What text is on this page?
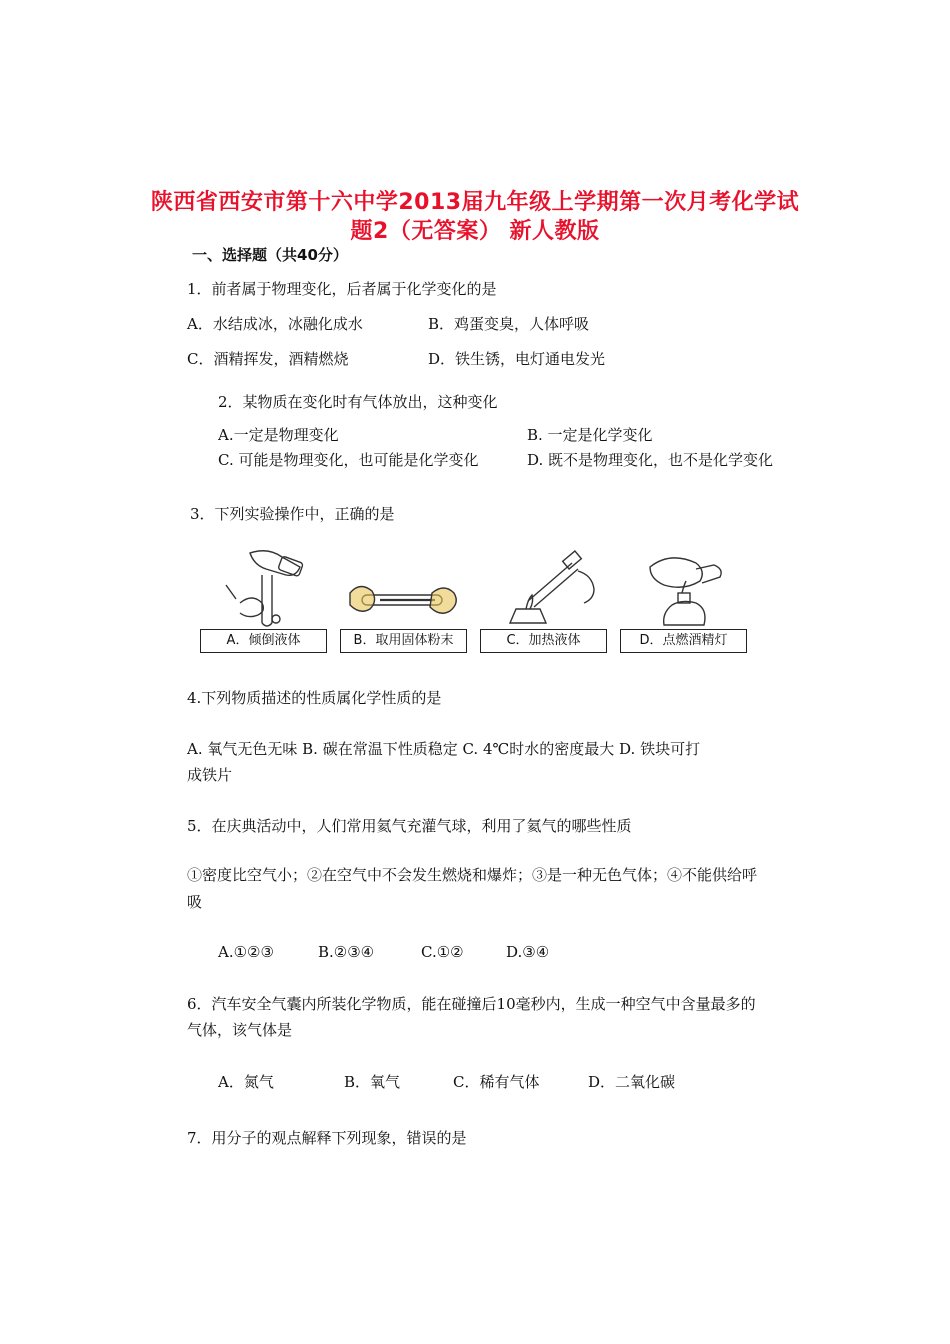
陕西省西安市第十六中学2013届九年级上学期第一次月考化学试
题2（无答案） 新人教版
一、选择题（共40分）
1．前者属于物理变化，后者属于化学变化的是
A．水结成冰，冰融化成水	B．鸡蛋变臭，人体呼吸
C．酒精挥发，酒精燃烧	D．铁生锈，电灯通电发光
2．某物质在变化时有气体放出，这种变化
A.一定是物理变化	B. 一定是化学变化
C. 可能是物理变化，也可能是化学变化	D. 既不是物理变化，也不是化学变化
3．下列实验操作中，正确的是
A．倾倒液体	B．取用固体粉末	C．加热液体	D．点燃酒精灯
4.下列物质描述的性质属化学性质的是
A. 氧气无色无味 B. 碳在常温下性质稳定 C. 4℃时水的密度最大 D. 铁块可打
成铁片
5．在庆典活动中，人们常用氦气充灌气球，利用了氦气的哪些性质
①密度比空气小；②在空气中不会发生燃烧和爆炸；③是一种无色气体；④不能供给呼
吸
A.①②③	B.②③④	C.①②	D.③④
6．汽车安全气囊内所装化学物质，能在碰撞后10毫秒内，生成一种空气中含量最多的
气体，该气体是
A．氮气	B．氧气	C．稀有气体	D．二氧化碳
7．用分子的观点解释下列现象，错误的是
